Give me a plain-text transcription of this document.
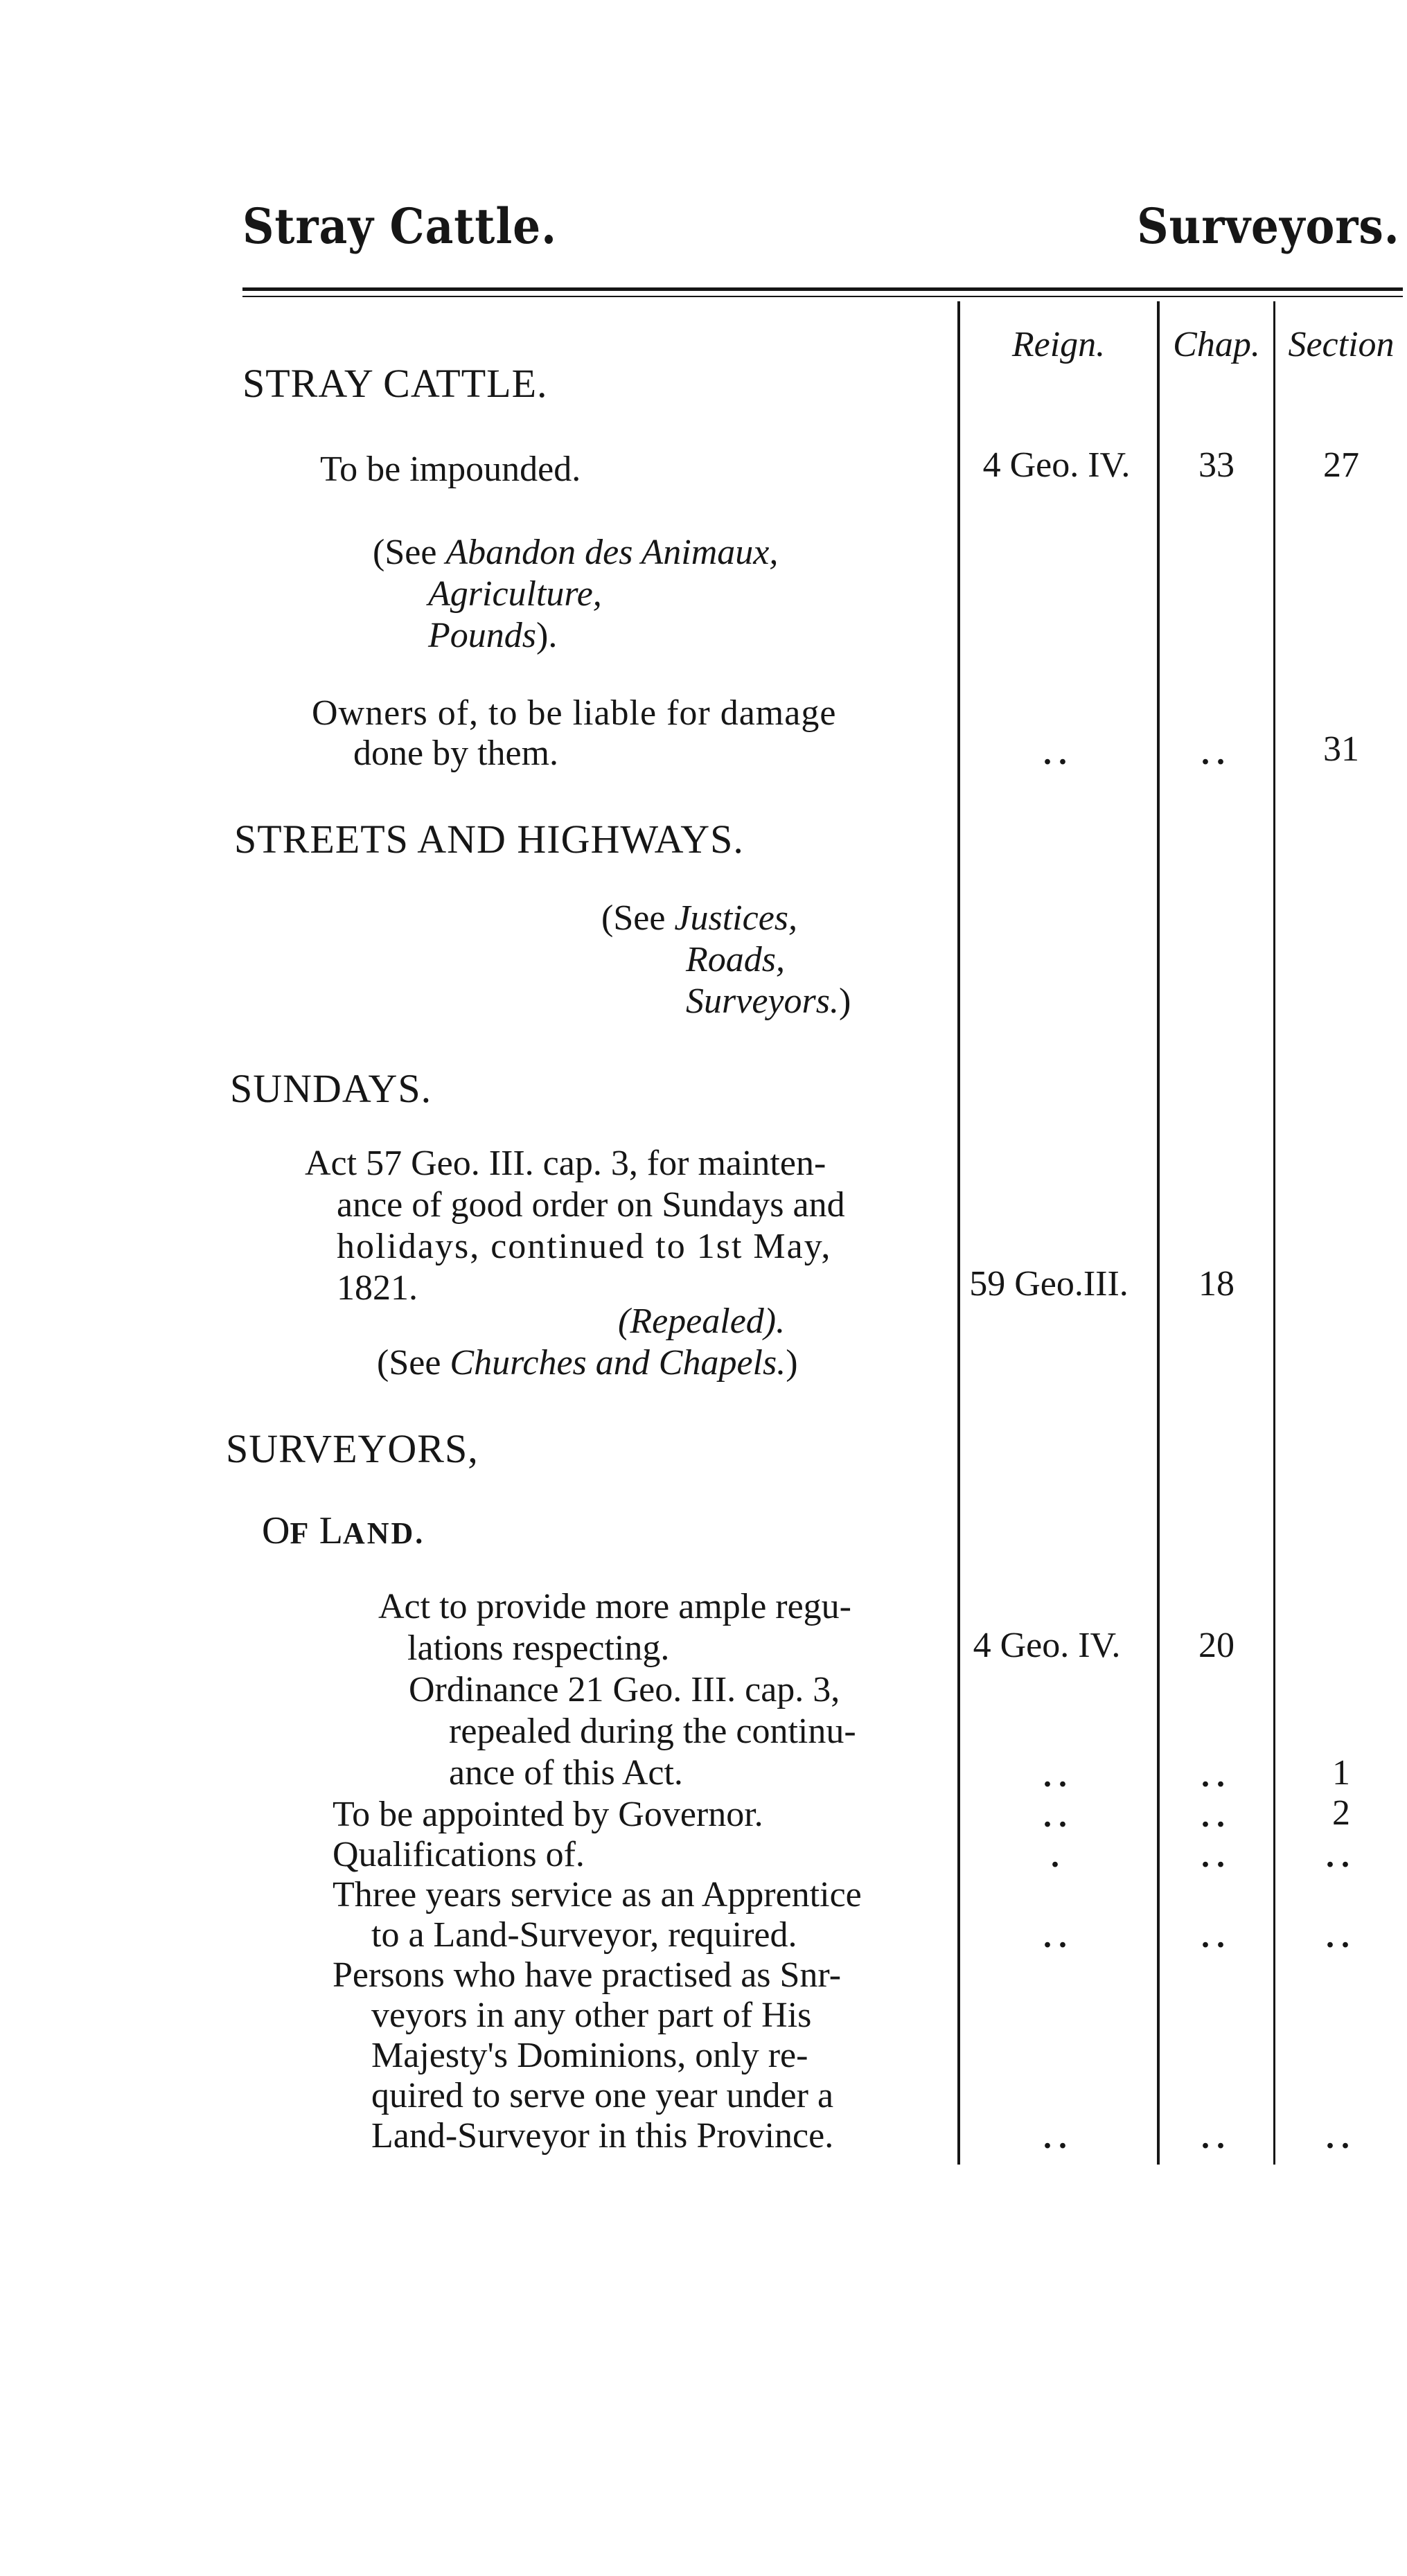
Stray Cattle.	Surveyors.
Reign.	Chap. Section
STRAY CATTLE.
To be impounded.	4 Geo. IV.	33	27
(See Abandon des Animaux,
Agriculture,
Pounds).
Owners of, to be liable for damage
done by them.	..	..	31
STREETS AND HIGHWAYS.
(See Justices,
Roads,
Surveyors.)
SUNDAYS.
Act 57 Geo. III. cap. 3, for mainten-
ance of good order on Sundays and
holidays, continued to 1st May,
1821.	59 Geo.III.	18
(Repealed).
(See Churches and Chapels.)
SURVEYORS,
OF LAND.
Act to provide more ample regu-
lations respecting.	4 Geo. IV.	20
Ordinance 21 Geo. III. cap. 3,
repealed during the continu-
ance of this Act.	..	..	1
To be appointed by Governor.	..	..	2
Qualifications of.	.	..	..
Three years service as an Apprentice
to a Land-Surveyor, required.	..	..	..
Persons who have practised as Snr-
veyors in any other part of His
Majesty's Dominions, only re-
quired to serve one year under a
Land-Surveyor in this Province.	..	..	..
